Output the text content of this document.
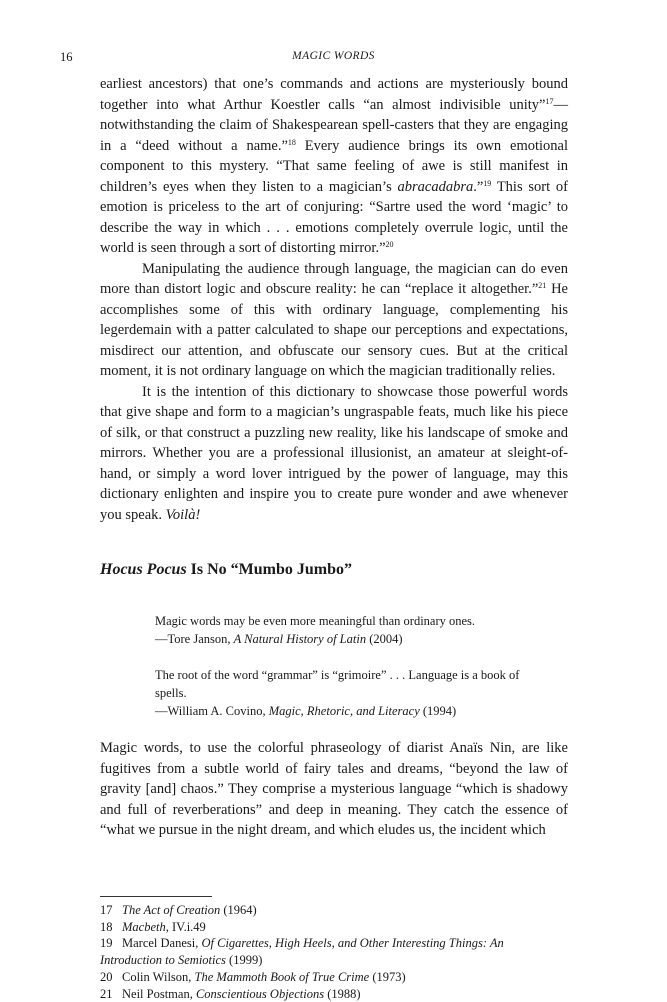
16	MAGIC WORDS

earliest ancestors) that one’s commands and actions are mysteriously bound together into what Arthur Koestler calls “an almost indivisible unity”$^{17}$—notwithstanding the claim of Shakespearean spell-casters that they are engaging in a “deed without a name.”$^{18}$ Every audience brings its own emotional component to this mystery. “That same feeling of awe is still manifest in children’s eyes when they listen to a magician’s abracadabra.”$^{19}$ This sort of emotion is priceless to the art of conjuring: “Sartre used the word ‘magic’ to describe the way in which . . . emotions completely overrule logic, until the world is seen through a sort of distorting mirror.”$^{20}$

Manipulating the audience through language, the magician can do even more than distort logic and obscure reality: he can “replace it altogether.”$^{21}$ He accomplishes some of this with ordinary language, complementing his legerdemain with a patter calculated to shape our perceptions and expectations, misdirect our attention, and obfuscate our sensory cues. But at the critical moment, it is not ordinary language on which the magician traditionally relies.

It is the intention of this dictionary to showcase those powerful words that give shape and form to a magician’s ungraspable feats, much like his piece of silk, or that construct a puzzling new reality, like his landscape of smoke and mirrors. Whether you are a professional illusionist, an amateur at sleight-of-hand, or simply a word lover intrigued by the power of language, may this dictionary enlighten and inspire you to create pure wonder and awe whenever you speak. Voilà!

Hocus Pocus Is No “Mumbo Jumbo”

Magic words may be even more meaningful than ordinary ones.

—Tore Janson, A Natural History of Latin (2004)

The root of the word “grammar” is “grimoire” . . . Language is a book of spells.

—William A. Covino, Magic, Rhetoric, and Literacy (1994)

Magic words, to use the colorful phraseology of diarist Anaïs Nin, are like fugitives from a subtle world of fairy tales and dreams, “beyond the law of gravity [and] chaos.” They comprise a mysterious language “which is shadowy and full of reverberations” and deep in meaning. They catch the essence of “what we pursue in the night dream, and which eludes us, the incident which

17 The Act of Creation (1964)

18 Macbeth, IV.i.49

19 Marcel Danesi, Of Cigarettes, High Heels, and Other Interesting Things: An Introduction to Semiotics (1999)

20 Colin Wilson, The Mammoth Book of True Crime (1973)

21 Neil Postman, Conscientious Objections (1988)
